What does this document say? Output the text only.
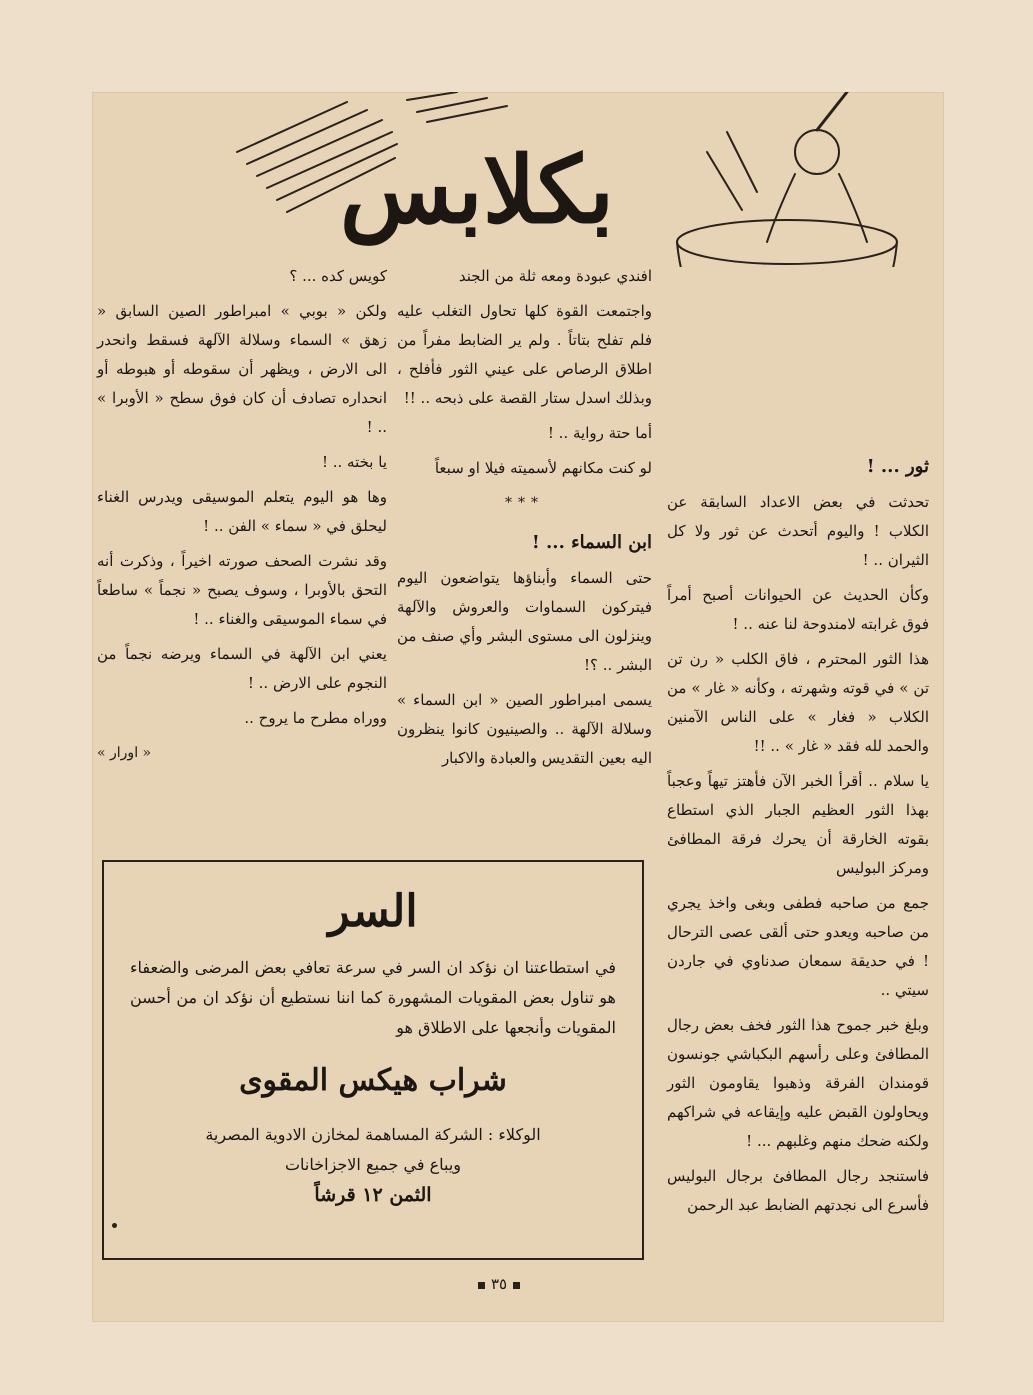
بكلابس

ثور ... !

تحدثت في بعض الاعداد السابقة عن الكلاب ! واليوم أتحدث عن ثور ولا كل الثيران .. !

وكأن الحديث عن الحيوانات أصبح أمراً فوق غرابته لامندوحة لنا عنه .. !

هذا الثور المحترم ، فاق الكلب « رن تن تن » في قوته وشهرته ، وكأنه « غار » من الكلاب « فغار » على الناس الآمنين والحمد لله فقد « غار » .. !!

يا سلام .. أقرأ الخبر الآن فأهتز تيهاً وعجباً بهذا الثور العظيم الجبار الذي استطاع بقوته الخارقة أن يحرك فرقة المطافئ ومركز البوليس

جمع من صاحبه فطفى وبغى واخذ يجري من صاحبه ويعدو حتى ألقى عصى الترحال ! في حديقة سمعان صدناوي في جاردن سيتي ..

وبلغ خبر جموح هذا الثور فخف بعض رجال المطافئ وعلى رأسهم البكباشي جونسون قومندان الفرقة وذهبوا يقاومون الثور ويحاولون القبض عليه وإيقاعه في شراكهم ولكنه ضحك منهم وغلبهم ... !

فاستنجد رجال المطافئ برجال البوليس فأسرع الى نجدتهم الضابط عبد الرحمن

افندي عبودة ومعه ثلة من الجند

واجتمعت القوة كلها تحاول التغلب عليه فلم تفلح بتاتاً . ولم ير الضابط مفراً من اطلاق الرصاص على عيني الثور فأفلح ، وبذلك اسدل ستار القصة على ذبحه .. !!

أما حتة رواية .. !

لو كنت مكانهم لأسميته فيلا او سبعاً

***

ابن السماء ... !

حتى السماء وأبناؤها يتواضعون اليوم فيتركون السماوات والعروش والآلهة وينزلون الى مستوى البشر وأي صنف من البشر .. ؟!

يسمى امبراطور الصين « ابن السماء » وسلالة الآلهة .. والصينيون كانوا ينظرون اليه بعين التقديس والعبادة والاكبار

كويس كده ... ؟

ولكن « بوبي » امبراطور الصين السابق « زهق » السماء وسلالة الآلهة فسقط وانحدر الى الارض ، ويظهر أن سقوطه أو هبوطه أو انحداره تصادف أن كان فوق سطح « الأوبرا » .. !

يا بخته .. !

وها هو اليوم يتعلم الموسيقى ويدرس الغناء ليحلق في « سماء » الفن .. !

وقد نشرت الصحف صورته اخيراً ، وذكرت أنه التحق بالأوبرا ، وسوف يصبح « نجماً » ساطعاً في سماء الموسيقى والغناء .. !

يعني ابن الآلهة في السماء ويرضه نجماً من النجوم على الارض .. !

ووراه مطرح ما يروح ..

« اورار »

السر

في استطاعتنا ان نؤكد ان السر في سرعة تعافي بعض المرضى والضعفاء هو تناول بعض المقويات المشهورة كما اننا نستطيع أن نؤكد ان من أحسن المقويات وأنجعها على الاطلاق هو

شراب هيكس المقوى

الوكلاء : الشركة المساهمة لمخازن الادوية المصرية

ويباع في جميع الاجزاخانات

الثمن ١٢ قرشاً
٣٥
